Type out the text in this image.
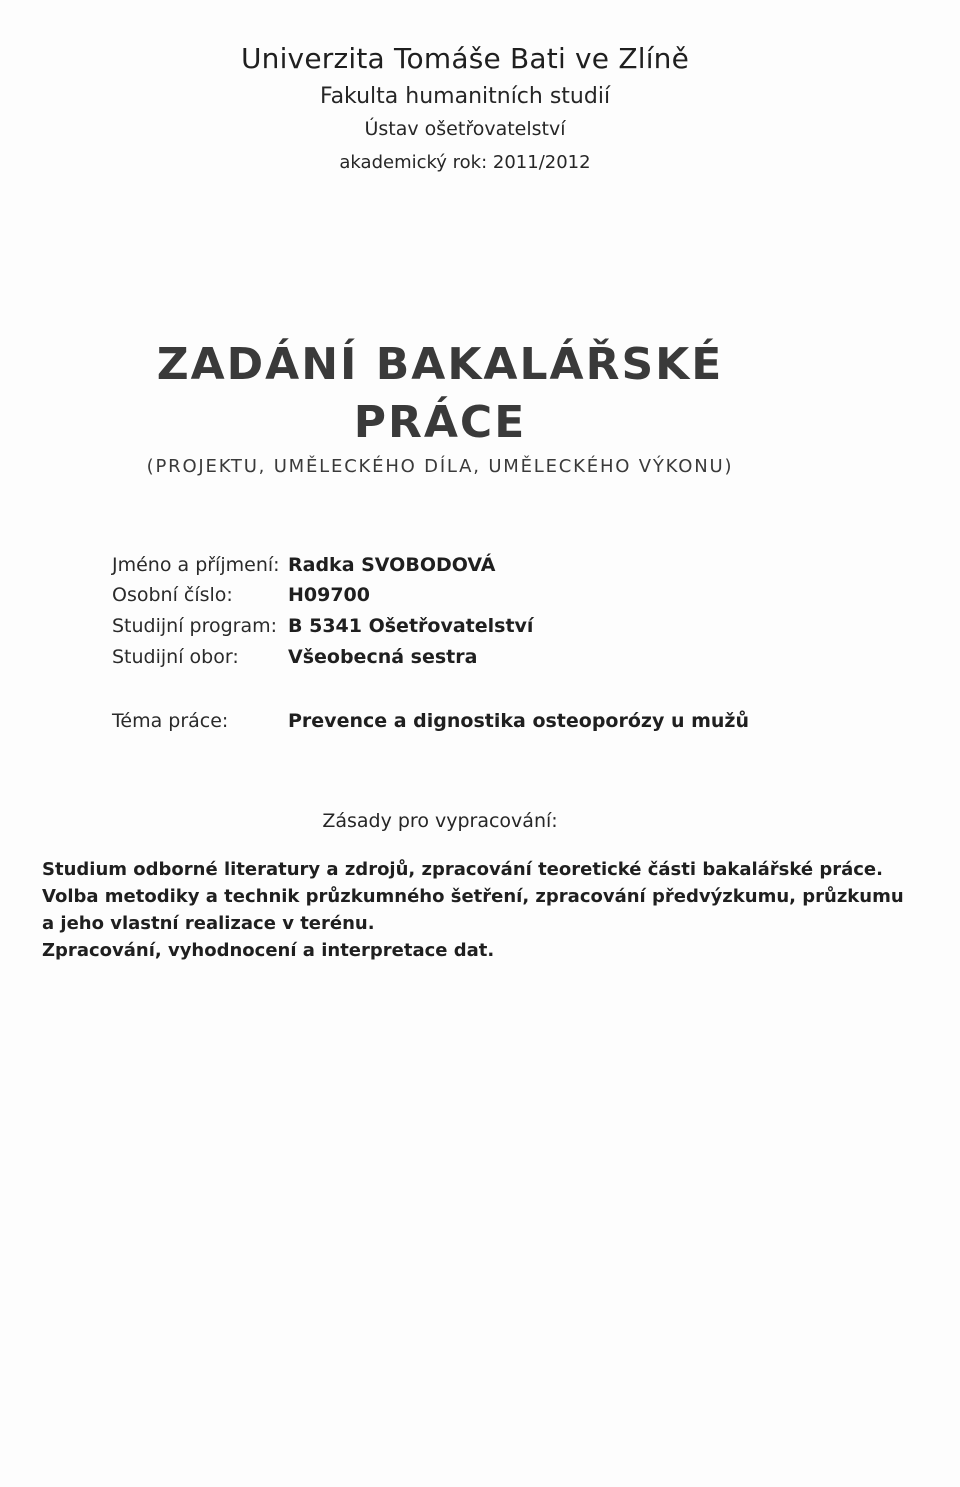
Univerzita Tomáše Bati ve Zlíně
Fakulta humanitních studií
Ústav ošetřovatelství
akademický rok: 2011/2012
ZADÁNÍ BAKALÁŘSKÉ PRÁCE
(PROJEKTU, UMĚLECKÉHO DÍLA, UMĚLECKÉHO VÝKONU)
Jméno a příjmení: Radka SVOBODOVÁ
Osobní číslo:	H09700
Studijní program: B 5341 Ošetřovatelství
Studijní obor:	Všeobecná sestra
Téma práce:	Prevence a dignostika osteoporózy u mužů
Zásady pro vypracování:
Studium odborné literatury a zdrojů, zpracování teoretické části bakalářské práce.
Volba metodiky a technik průzkumného šetření, zpracování předvýzkumu, průzkumu
a jeho vlastní realizace v terénu.
Zpracování, vyhodnocení a interpretace dat.
